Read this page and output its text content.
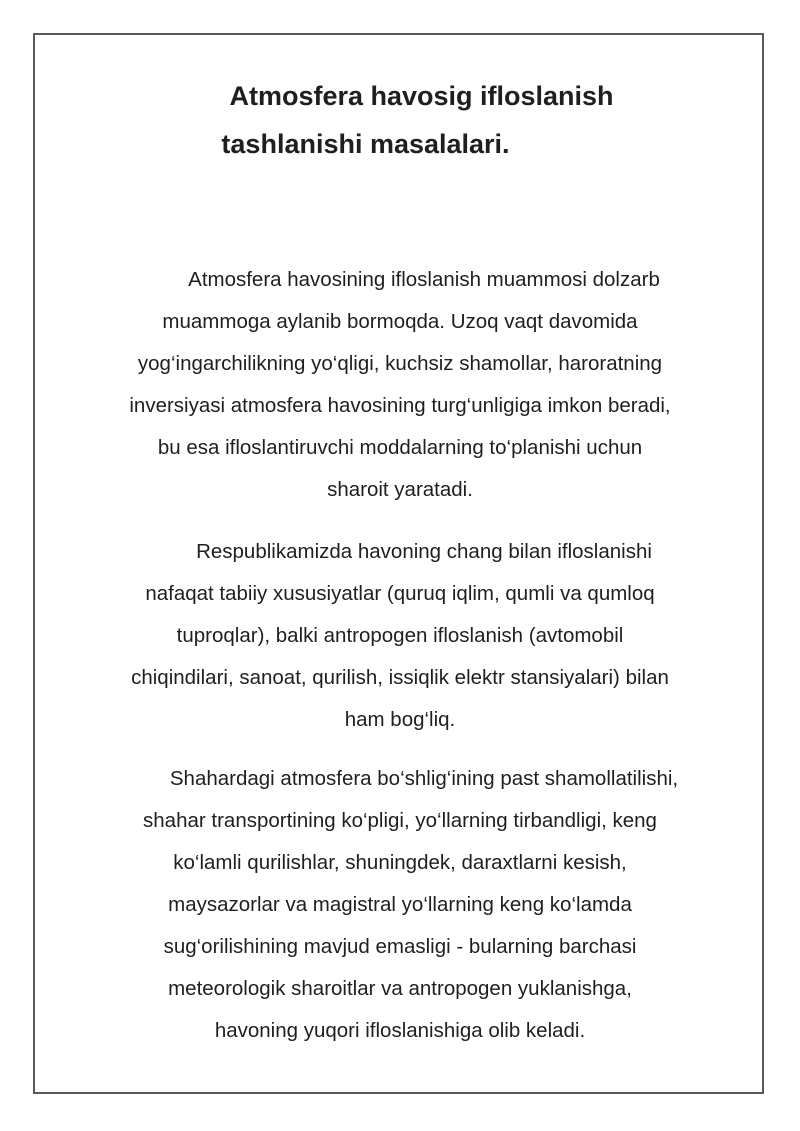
Atmosfera havosig ifloslanish
tashlanishi masalalari.

Atmosfera havosining ifloslanish muammosi dolzarb
muammoga aylanib bormoqda. Uzoq vaqt davomida
yog‘ingarchilikning yo‘qligi, kuchsiz shamollar, haroratning
inversiyasi atmosfera havosining turg‘unligiga imkon beradi,
bu esa ifloslantiruvchi moddalarning to‘planishi uchun
sharoit yaratadi.

Respublikamizda havoning chang bilan ifloslanishi
nafaqat tabiiy xususiyatlar (quruq iqlim, qumli va qumloq
tuproqlar), balki antropogen ifloslanish (avtomobil
chiqindilari, sanoat, qurilish, issiqlik elektr stansiyalari) bilan
ham bog‘liq.

Shahardagi atmosfera bo‘shlig‘ining past shamollatilishi,
shahar transportining ko‘pligi, yo‘llarning tirbandligi, keng
ko‘lamli qurilishlar, shuningdek, daraxtlarni kesish,
maysazorlar va magistral yo‘llarning keng ko‘lamda
sug‘orilishining mavjud emasligi - bularning barchasi
meteorologik sharoitlar va antropogen yuklanishga,
havoning yuqori ifloslanishiga olib keladi.
